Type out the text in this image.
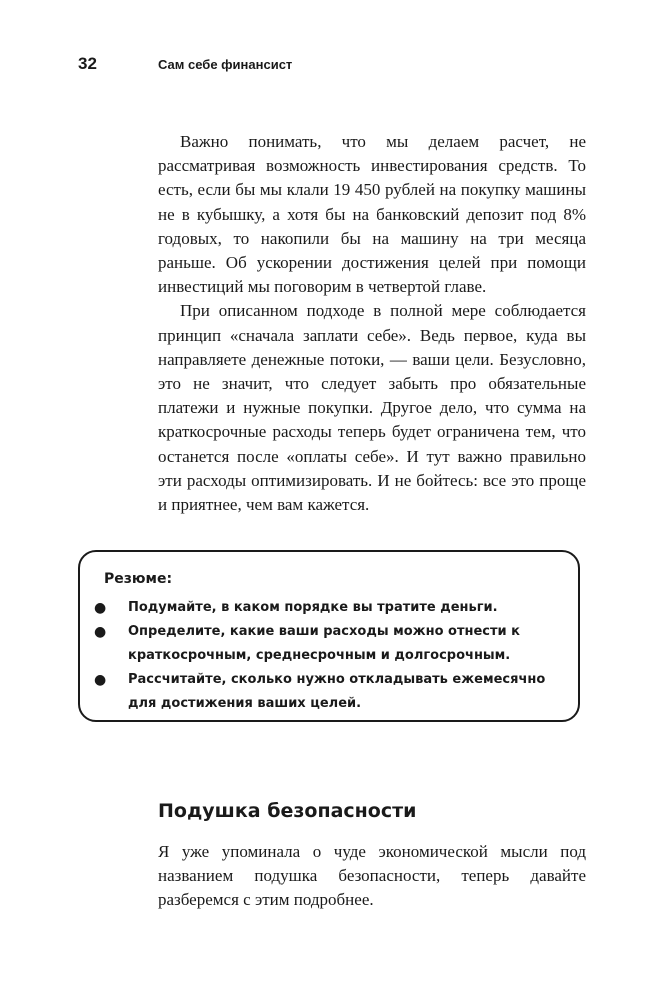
32	Сам себе финансист

Важно понимать, что мы делаем расчет, не рассматривая возможность инвестирования средств. То есть, если бы мы клали 19 450 рублей на покупку машины не в кубышку, а хотя бы на банковский депозит под 8% годовых, то накопили бы на машину на три месяца раньше. Об ускорении достижения целей при помощи инвестиций мы поговорим в четвертой главе.

При описанном подходе в полной мере соблюдается принцип «сначала заплати себе». Ведь первое, куда вы направляете денежные потоки, — ваши цели. Безусловно, это не значит, что следует забыть про обязательные платежи и нужные покупки. Другое дело, что сумма на краткосрочные расходы теперь будет ограничена тем, что останется после «оплаты себе». И тут важно правильно эти расходы оптимизировать. И не бойтесь: все это проще и приятнее, чем вам кажется.

Резюме:

●	Подумайте, в каком порядке вы тратите деньги.
●	Определите, какие ваши расходы можно отнести к краткосрочным, среднесрочным и долгосрочным.
●	Рассчитайте, сколько нужно откладывать ежемесячно для достижения ваших целей.
Подушка безопасности

Я уже упоминала о чуде экономической мысли под названием подушка безопасности, теперь давайте разберемся с этим подробнее.
